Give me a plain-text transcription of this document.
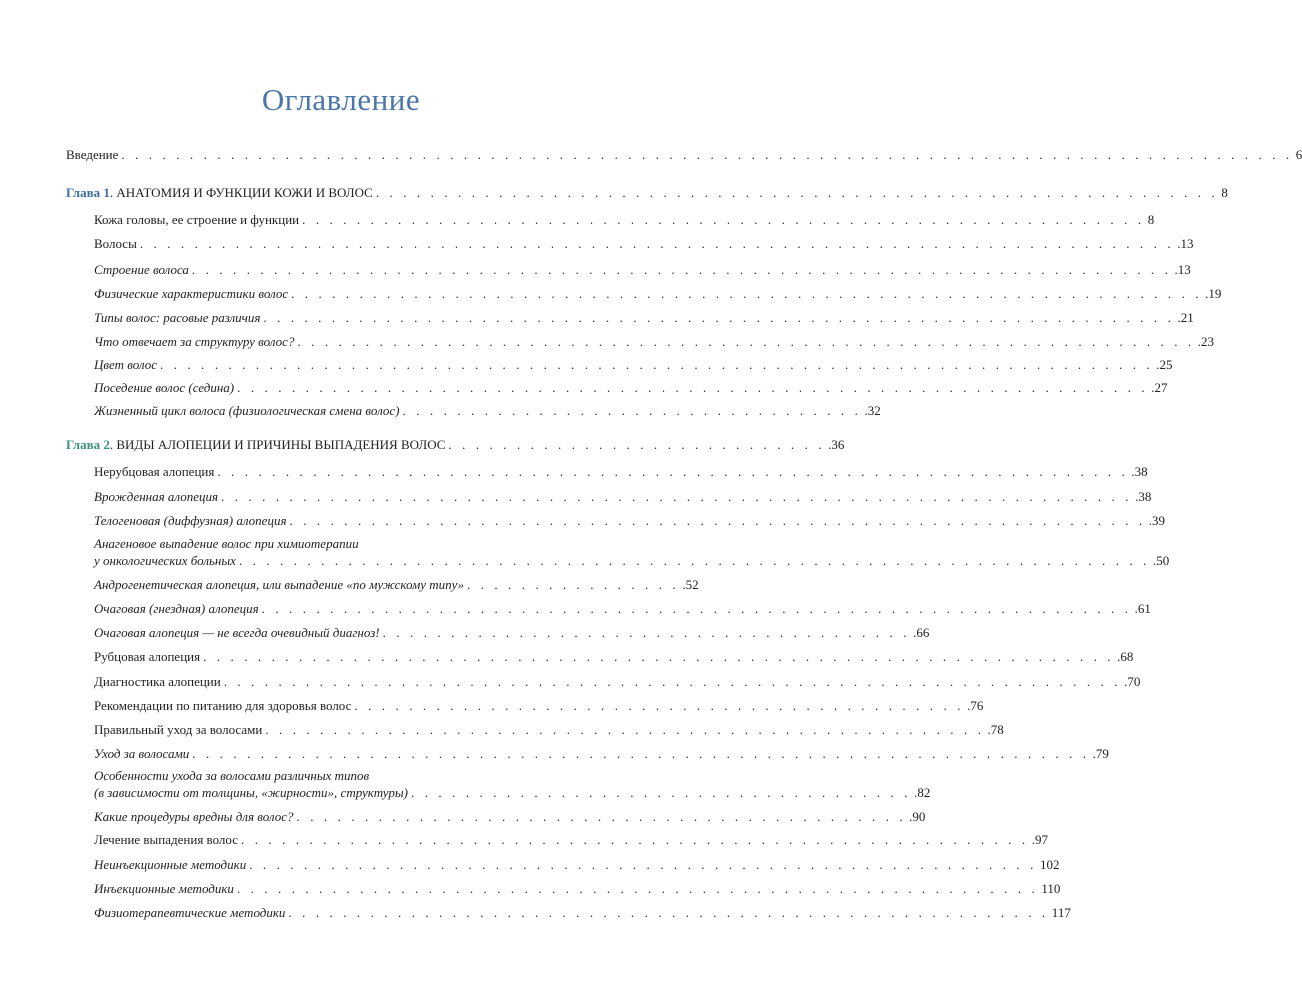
Оглавление
Введение . . . . . . . . . . . . . . . . . . . . . . . . . . . . . . . . . . . . . . . . . . . . . . . . . . . . . . . . . . . . . . . . . . . . . . . . . . . . . . . . . . . . . . 6
Глава 1. АНАТОМИЯ И ФУНКЦИИ КОЖИ И ВОЛОС . . . . . . . . . . . . . . . . . . . . . . . . . . . . . . . . . . . . . . . . . . . . . . . . . . . . . . . . . . . . . . 8
Кожа головы, ее строение и функции . . . . . . . . . . . . . . . . . . . . . . . . . . . . . . . . . . . . . . . . . . . . . . . . . . . . . . . . . . . . . . 8
Волосы . . . . . . . . . . . . . . . . . . . . . . . . . . . . . . . . . . . . . . . . . . . . . . . . . . . . . . . . . . . . . . . . . . . . . . . . . . . . .13
Строение волоса . . . . . . . . . . . . . . . . . . . . . . . . . . . . . . . . . . . . . . . . . . . . . . . . . . . . . . . . . . . . . . . . . . . . . . . . .13
Физические характеристики волос . . . . . . . . . . . . . . . . . . . . . . . . . . . . . . . . . . . . . . . . . . . . . . . . . . . . . . . . . . . . . . . . . . . .19
Типы волос: расовые различия . . . . . . . . . . . . . . . . . . . . . . . . . . . . . . . . . . . . . . . . . . . . . . . . . . . . . . . . . . . . . . . . . . . .21
Что отвечает за структуру волос? . . . . . . . . . . . . . . . . . . . . . . . . . . . . . . . . . . . . . . . . . . . . . . . . . . . . . . . . . . . . . . . . . . .23
Цвет волос . . . . . . . . . . . . . . . . . . . . . . . . . . . . . . . . . . . . . . . . . . . . . . . . . . . . . . . . . . . . . . . . . . . . . . . . . .25
Поседение волос (седина) . . . . . . . . . . . . . . . . . . . . . . . . . . . . . . . . . . . . . . . . . . . . . . . . . . . . . . . . . . . . . . . . . . . .27
Жизненный цикл волоса (физиологическая смена волос) . . . . . . . . . . . . . . . . . . . . . . . . . . . . . . . . . . .32
Глава 2. ВИДЫ АЛОПЕЦИИ И ПРИЧИНЫ ВЫПАДЕНИЯ ВОЛОС . . . . . . . . . . . . . . . . . . . . . . . . . . . . .36
Нерубцовая алопеция . . . . . . . . . . . . . . . . . . . . . . . . . . . . . . . . . . . . . . . . . . . . . . . . . . . . . . . . . . . . . . . . . . . .38
Врожденная алопеция . . . . . . . . . . . . . . . . . . . . . . . . . . . . . . . . . . . . . . . . . . . . . . . . . . . . . . . . . . . . . . . . . . . .38
Телогеновая (диффузная) алопеция . . . . . . . . . . . . . . . . . . . . . . . . . . . . . . . . . . . . . . . . . . . . . . . . . . . . . . . . . . . . . . . .39
Анагеновое выпадение волос при химиотерапии
у онкологических больных . . . . . . . . . . . . . . . . . . . . . . . . . . . . . . . . . . . . . . . . . . . . . . . . . . . . . . . . . . . . . . . . . . . .50
Андрогенетическая алопеция, или выпадение «по мужскому типу» . . . . . . . . . . . . . . . . .52
Очаговая (гнездная) алопеция . . . . . . . . . . . . . . . . . . . . . . . . . . . . . . . . . . . . . . . . . . . . . . . . . . . . . . . . . . . . . . . . .61
Очаговая алопеция — не всегда очевидный диагноз! . . . . . . . . . . . . . . . . . . . . . . . . . . . . . . . . . . . . . . . .66
Рубцовая алопеция . . . . . . . . . . . . . . . . . . . . . . . . . . . . . . . . . . . . . . . . . . . . . . . . . . . . . . . . . . . . . . . . . . . .68
Диагностика алопеции . . . . . . . . . . . . . . . . . . . . . . . . . . . . . . . . . . . . . . . . . . . . . . . . . . . . . . . . . . . . . . . . . . .70
Рекомендации по питанию для здоровья волос . . . . . . . . . . . . . . . . . . . . . . . . . . . . . . . . . . . . . . . . . . . . . .76
Правильный уход за волосами . . . . . . . . . . . . . . . . . . . . . . . . . . . . . . . . . . . . . . . . . . . . . . . . . . . . . .78
Уход за волосами . . . . . . . . . . . . . . . . . . . . . . . . . . . . . . . . . . . . . . . . . . . . . . . . . . . . . . . . . . . . . . . . . . .79
Особенности ухода за волосами различных типов
(в зависимости от толщины, «жирности», структуры) . . . . . . . . . . . . . . . . . . . . . . . . . . . . . . . . . . . . . .82
Какие процедуры вредны для волос? . . . . . . . . . . . . . . . . . . . . . . . . . . . . . . . . . . . . . . . . . . . . . .90
Лечение выпадения волос . . . . . . . . . . . . . . . . . . . . . . . . . . . . . . . . . . . . . . . . . . . . . . . . . . . . . . . . . . .97
Неинъекционные методики . . . . . . . . . . . . . . . . . . . . . . . . . . . . . . . . . . . . . . . . . . . . . . . . . . . . . . . . . . 102
Инъекционные методики . . . . . . . . . . . . . . . . . . . . . . . . . . . . . . . . . . . . . . . . . . . . . . . . . . . . . . . . . . . 110
Физиотерапевтические методики . . . . . . . . . . . . . . . . . . . . . . . . . . . . . . . . . . . . . . . . . . . . . . . . . . . . . . . . 117
